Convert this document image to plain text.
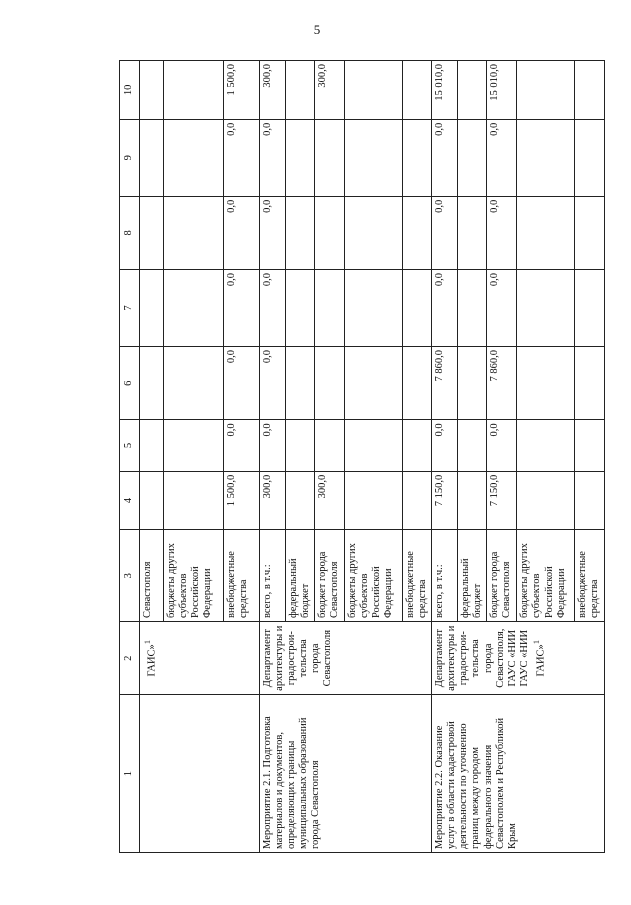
5
1	2	3	4	5	6	7	8	9	10
	ГАИС»$^1$	Севастополя							
		бюджеты других субъектов Российской Федерации							
		внебюджетные средства	1 500,0	0,0	0,0	0,0	0,0	0,0	1 500,0
Мероприятие 2.1. Подготовка материалов и документов, определяющих границы муниципальных образований города Севастополя	Департамент архитектуры и градострои-тельства города Севастополя	всего, в т.ч.:	300,0	0,0	0,0	0,0	0,0	0,0	300,0
		федеральный бюджет							
		бюджет города Севастополя	300,0						300,0
		бюджеты других субъектов Российской Федерации							
		внебюджетные средства							
Мероприятие 2.2. Оказание услуг в области кадастровой деятельности по уточнению границ между городом федерального значения Севастополем и Республикой Крым	Департамент архитектуры и градострои-тельства города Севастополя, ГАУС «НИИ ГАУС «НИИ ГАИС»$^1$	всего, в т.ч.:	7 150,0	0,0	7 860,0	0,0	0,0	0,0	15 010,0
		федеральный бюджет							
		бюджет города Севастополя	7 150,0	0,0	7 860,0	0,0	0,0	0,0	15 010,0
		бюджеты других субъектов Российской Федерации							
		внебюджетные средства							
